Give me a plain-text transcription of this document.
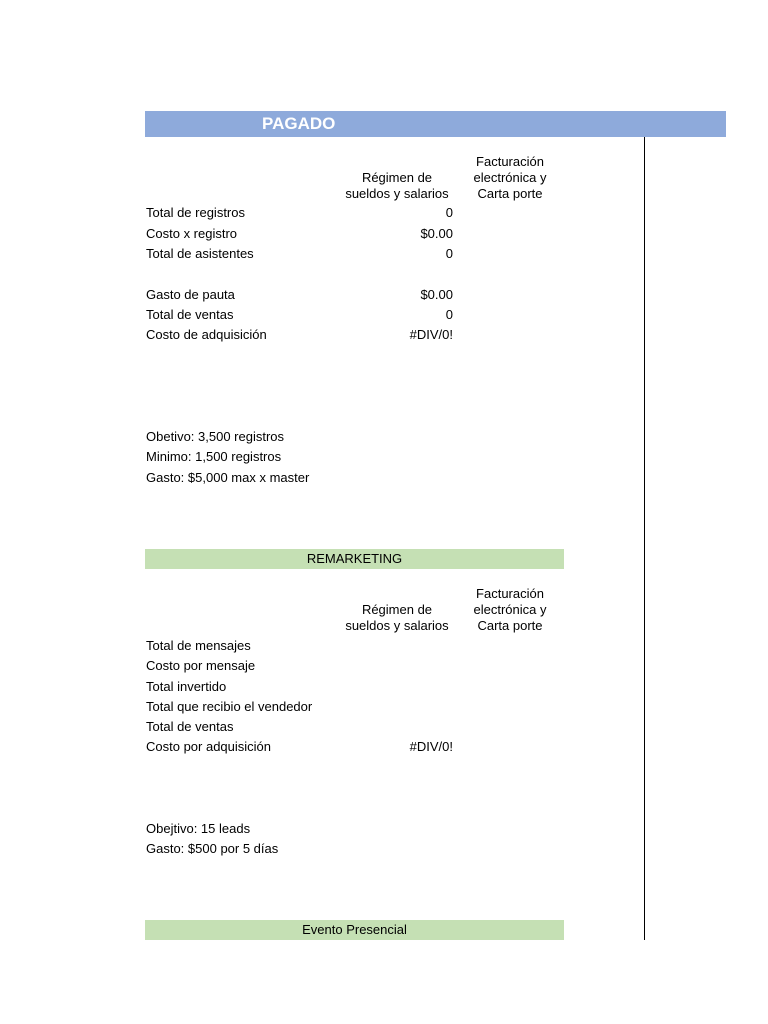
PAGADO
Régimen de
sueldos y salarios
Facturación
electrónica y
Carta porte
Total de registros	0
Costo x registro	$0.00
Total de asistentes	0
Gasto de pauta	$0.00
Total de ventas	0
Costo de adquisición	#DIV/0!
Obetivo: 3,500 registros
Minimo: 1,500 registros
Gasto: $5,000 max x master
REMARKETING
Régimen de
sueldos y salarios
Facturación
electrónica y
Carta porte
Total de mensajes
Costo por mensaje
Total invertido
Total que recibio el vendedor
Total de ventas
Costo por adquisición	#DIV/0!
Obejtivo: 15 leads
Gasto: $500 por 5 días
Evento Presencial
